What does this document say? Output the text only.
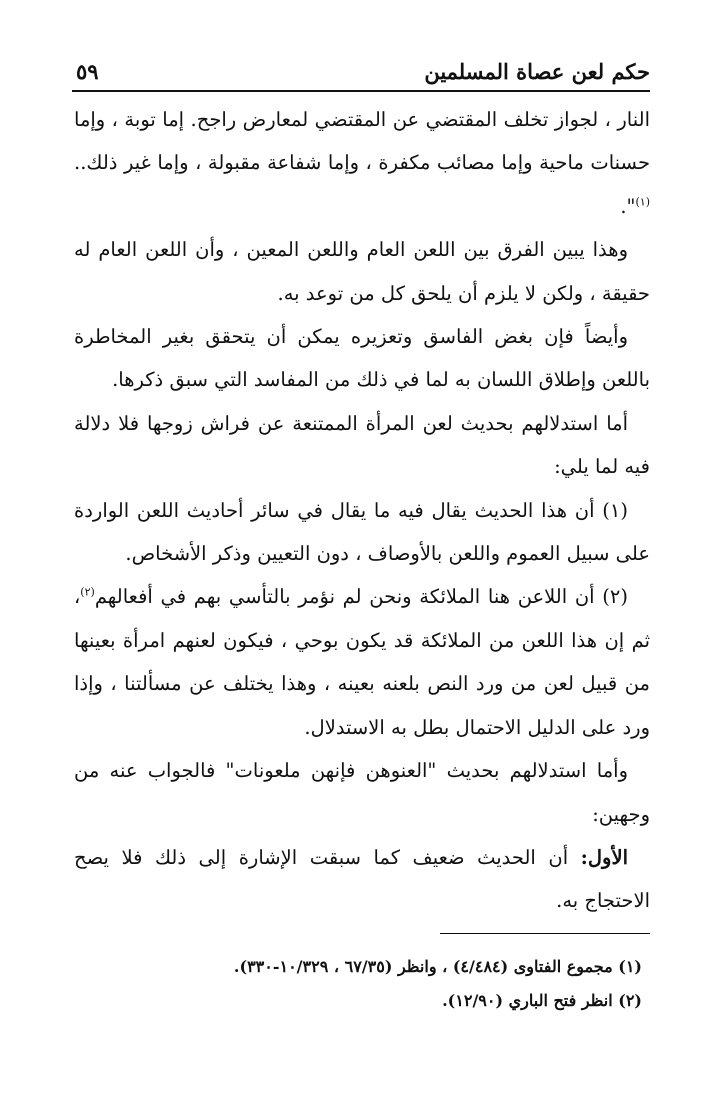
حكم لعن عصاة المسلمين
٥٩

النار ، لجواز تخلف المقتضي عن المقتضي لمعارض راجح. إما توبة ، وإما حسنات ماحية وإما مصائب مكفرة ، وإما شفاعة مقبولة ، وإما غير ذلك..$^{(١)}$".

وهذا يبين الفرق بين اللعن العام واللعن المعين ، وأن اللعن العام له حقيقة ، ولكن لا يلزم أن يلحق كل من توعد به.

وأيضاً فإن بغض الفاسق وتعزيره يمكن أن يتحقق بغير المخاطرة باللعن وإطلاق اللسان به لما في ذلك من المفاسد التي سبق ذكرها.

أما استدلالهم بحديث لعن المرأة الممتنعة عن فراش زوجها فلا دلالة فيه لما يلي:

(١) أن هذا الحديث يقال فيه ما يقال في سائر أحاديث اللعن الواردة على سبيل العموم واللعن بالأوصاف ، دون التعيين وذكر الأشخاص.

(٢) أن اللاعن هنا الملائكة ونحن لم نؤمر بالتأسي بهم في أفعالهم$^{(٢)}$، ثم إن هذا اللعن من الملائكة قد يكون بوحي ، فيكون لعنهم امرأة بعينها من قبيل لعن من ورد النص بلعنه بعينه ، وهذا يختلف عن مسألتنا ، وإذا ورد على الدليل الاحتمال بطل به الاستدلال.

وأما استدلالهم بحديث "العنوهن فإنهن ملعونات" فالجواب عنه من وجهين:

الأول: أن الحديث ضعيف كما سبقت الإشارة إلى ذلك فلا يصح الاحتجاج به.

(١) مجموع الفتاوى (٤/٤٨٤) ، وانظر (٦٧/٣٥ ، ١٠/٣٢٩-٣٣٠).

(٢) انظر فتح الباري (١٢/٩٠).
